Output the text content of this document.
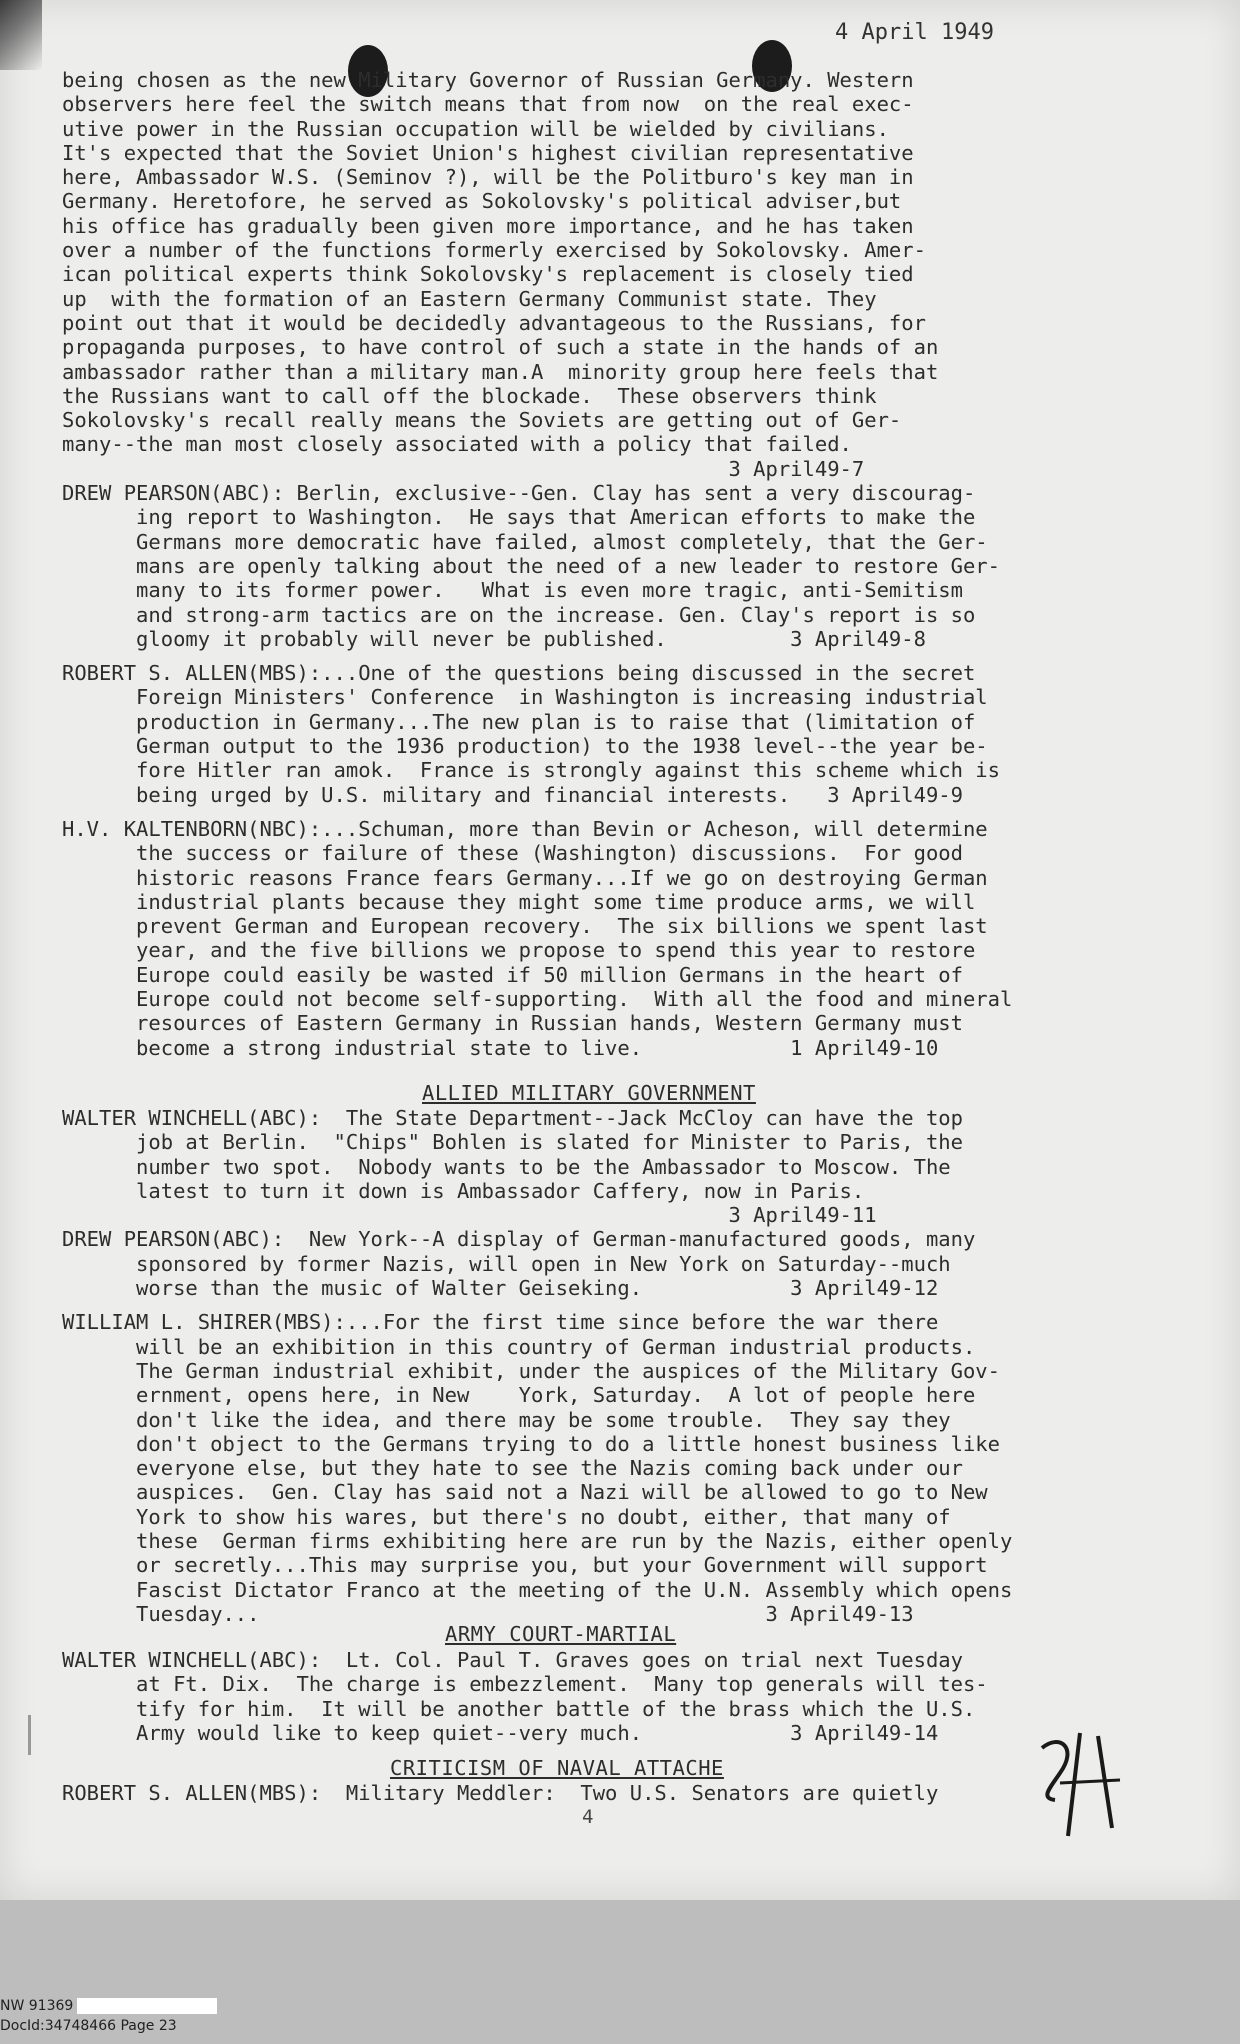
4 April 1949
being chosen as the new Military Governor of Russian Germany. Western
observers here feel the switch means that from now  on the real exec-
utive power in the Russian occupation will be wielded by civilians.
It's expected that the Soviet Union's highest civilian representative
here, Ambassador W.S. (Seminov ?), will be the Politburo's key man in
Germany. Heretofore, he served as Sokolovsky's political adviser,but
his office has gradually been given more importance, and he has taken
over a number of the functions formerly exercised by Sokolovsky. Amer-
ican political experts think Sokolovsky's replacement is closely tied
up  with the formation of an Eastern Germany Communist state. They
point out that it would be decidedly advantageous to the Russians, for
propaganda purposes, to have control of such a state in the hands of an
ambassador rather than a military man.A  minority group here feels that
the Russians want to call off the blockade.  These observers think
Sokolovsky's recall really means the Soviets are getting out of Ger-
many--the man most closely associated with a policy that failed.
3 April49-7
DREW PEARSON(ABC): Berlin, exclusive--Gen. Clay has sent a very discourag-
ing report to Washington.  He says that American efforts to make the
Germans more democratic have failed, almost completely, that the Ger-
mans are openly talking about the need of a new leader to restore Ger-
many to its former power.   What is even more tragic, anti-Semitism
and strong-arm tactics are on the increase. Gen. Clay's report is so
gloomy it probably will never be published.          3 April49-8

ROBERT S. ALLEN(MBS):...One of the questions being discussed in the secret
Foreign Ministers' Conference  in Washington is increasing industrial
production in Germany...The new plan is to raise that (limitation of
German output to the 1936 production) to the 1938 level--the year be-
fore Hitler ran amok.  France is strongly against this scheme which is
being urged by U.S. military and financial interests.   3 April49-9

H.V. KALTENBORN(NBC):...Schuman, more than Bevin or Acheson, will determine
the success or failure of these (Washington) discussions.  For good
historic reasons France fears Germany...If we go on destroying German
industrial plants because they might some time produce arms, we will
prevent German and European recovery.  The six billions we spent last
year, and the five billions we propose to spend this year to restore
Europe could easily be wasted if 50 million Germans in the heart of
Europe could not become self-supporting.  With all the food and mineral
resources of Eastern Germany in Russian hands, Western Germany must
become a strong industrial state to live.            1 April49-10
ALLIED MILITARY GOVERNMENT
WALTER WINCHELL(ABC):  The State Department--Jack McCloy can have the top
job at Berlin.  "Chips" Bohlen is slated for Minister to Paris, the
number two spot.  Nobody wants to be the Ambassador to Moscow. The
latest to turn it down is Ambassador Caffery, now in Paris.
3 April49-11
DREW PEARSON(ABC):  New York--A display of German-manufactured goods, many
sponsored by former Nazis, will open in New York on Saturday--much
worse than the music of Walter Geiseking.            3 April49-12

WILLIAM L. SHIRER(MBS):...For the first time since before the war there
will be an exhibition in this country of German industrial products.
The German industrial exhibit, under the auspices of the Military Gov-
ernment, opens here, in New    York, Saturday.  A lot of people here
don't like the idea, and there may be some trouble.  They say they
don't object to the Germans trying to do a little honest business like
everyone else, but they hate to see the Nazis coming back under our
auspices.  Gen. Clay has said not a Nazi will be allowed to go to New
York to show his wares, but there's no doubt, either, that many of
these  German firms exhibiting here are run by the Nazis, either openly
or secretly...This may surprise you, but your Government will support
Fascist Dictator Franco at the meeting of the U.N. Assembly which opens
Tuesday...                                         3 April49-13
ARMY COURT-MARTIAL
WALTER WINCHELL(ABC):  Lt. Col. Paul T. Graves goes on trial next Tuesday
at Ft. Dix.  The charge is embezzlement.  Many top generals will tes-
tify for him.  It will be another battle of the brass which the U.S.
Army would like to keep quiet--very much.            3 April49-14
CRITICISM OF NAVAL ATTACHE
ROBERT S. ALLEN(MBS):  Military Meddler:  Two U.S. Senators are quietly
4
NW 91369
DocId:34748466 Page 23
